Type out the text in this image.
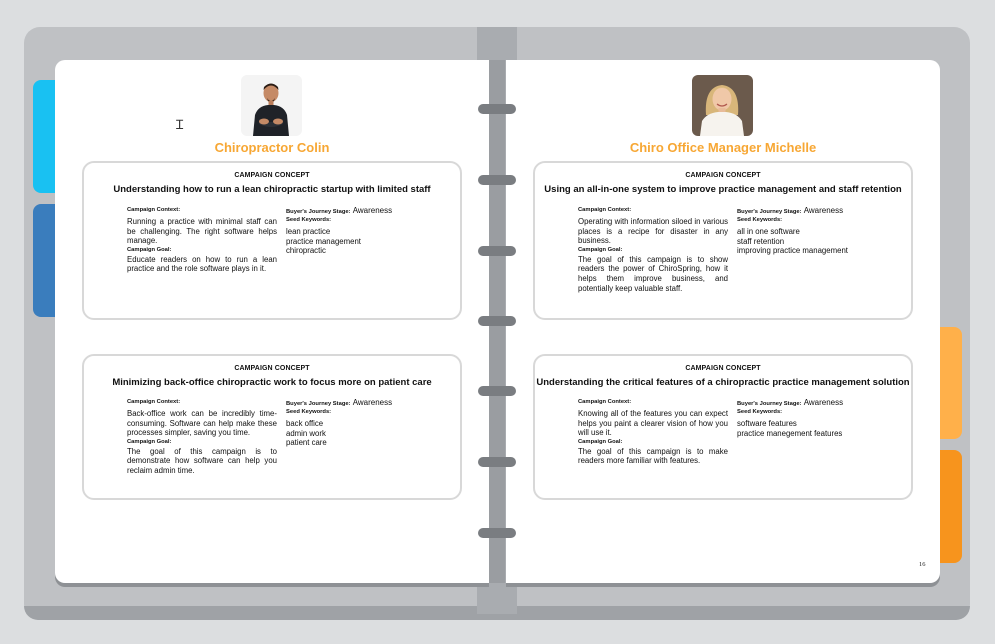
Chiropractor Colin
CAMPAIGN CONCEPT
Understanding how to run a lean chiropractic startup with limited staff
Campaign Context:
Running a practice with minimal staff can be challenging. The right software helps manage.
Campaign Goal:
Educate readers on how to run a lean practice and the role software plays in it.
Buyer's Journey Stage: Awareness
Seed Keywords:
lean practice
practice management
chiropractic
CAMPAIGN CONCEPT
Minimizing back-office chiropractic work to focus more on patient care
Campaign Context:
Back-office work can be incredibly time-consuming. Software can help make these processes simpler, saving you time.
Campaign Goal:
The goal of this campaign is to demonstrate how software can help you reclaim admin time.
Buyer's Journey Stage: Awareness
Seed Keywords:
back office
admin work
patient care
Chiro Office Manager Michelle
CAMPAIGN CONCEPT
Using an all-in-one system to improve practice management and staff retention
Campaign Context:
Operating with information siloed in various places is a recipe for disaster in any business.
Campaign Goal:
The goal of this campaign is to show readers the power of ChiroSpring, how it helps them improve business, and potentially keep valuable staff.
Buyer's Journey Stage: Awareness
Seed Keywords:
all in one software
staff retention
improving practice management
CAMPAIGN CONCEPT
Understanding the critical features of a chiropractic practice management solution
Campaign Context:
Knowing all of the features you can expect helps you paint a clearer vision of how you will use it.
Campaign Goal:
The goal of this campaign is to make readers more familiar with features.
Buyer's Journey Stage: Awareness
Seed Keywords:
software features
practice manegement features
Ɪ
16
